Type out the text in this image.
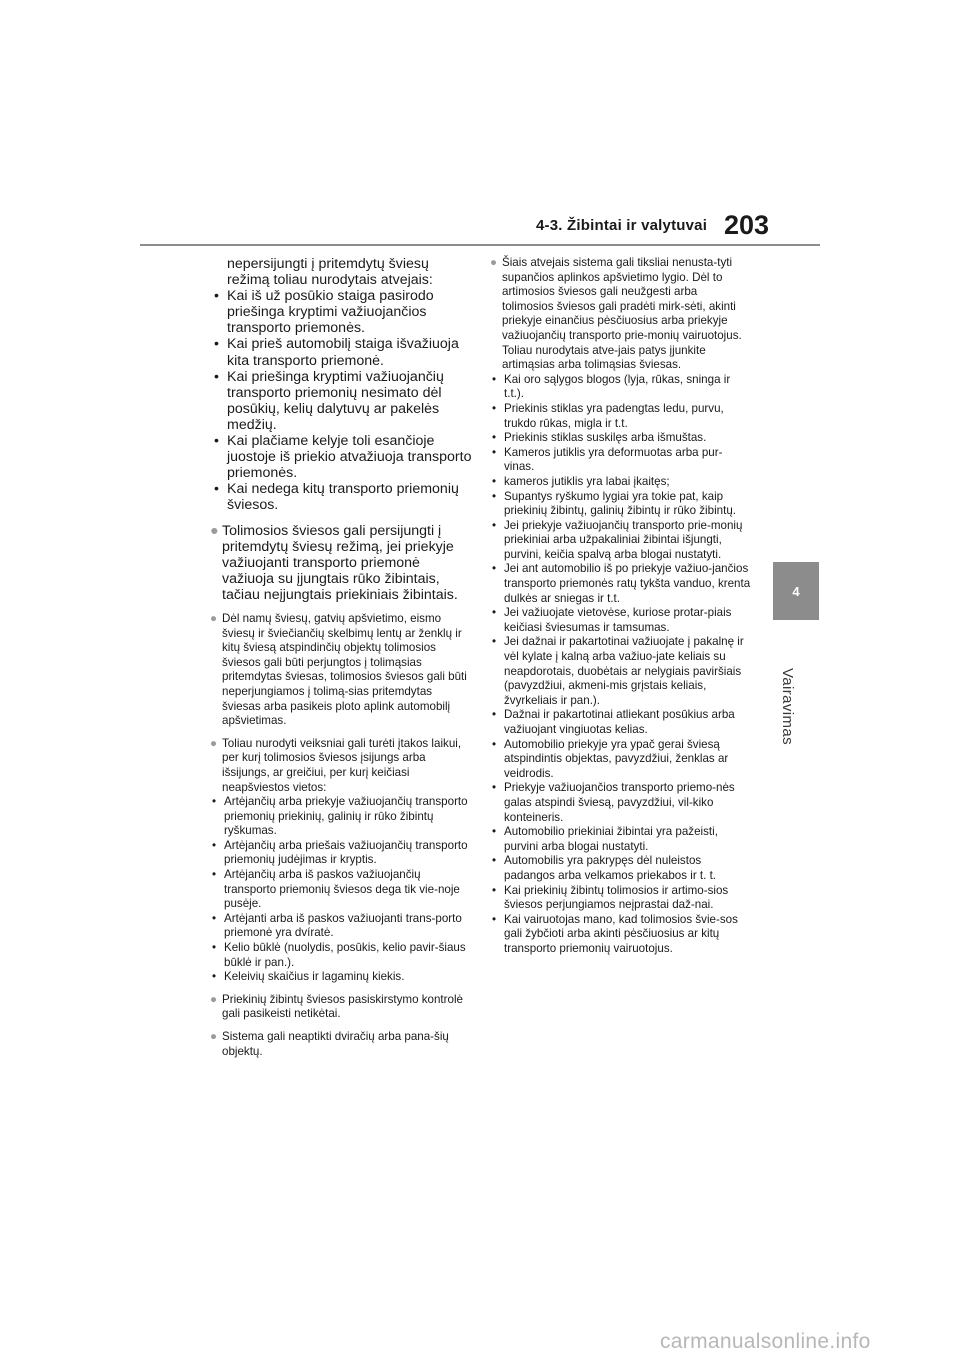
4-3. Žibintai ir valytuvai 203
4
Vairavimas
nepersijungti į pritemdytų šviesų režimą toliau nurodytais atvejais:
• Kai iš už posūkio staiga pasirodo priešinga kryptimi važiuojančios transporto priemonės.
• Kai prieš automobilį staiga išvažiuoja kita transporto priemonė.
• Kai priešinga kryptimi važiuojančių transporto priemonių nesimato dėl posūkių, kelių dalytuvų ar pakelės medžių.
• Kai plačiame kelyje toli esančioje juostoje iš priekio atvažiuoja transporto priemonės.
• Kai nedega kitų transporto priemonių šviesos.
● Tolimosios šviesos gali persijungti į pritemdytų šviesų režimą, jei priekyje važiuojanti transporto priemonė važiuoja su įjungtais rūko žibintais, tačiau neįjungtais priekiniais žibintais.
● Dėl namų šviesų, gatvių apšvietimo, eismo šviesų ir šviečiančių skelbimų lentų ar ženklų ir kitų šviesą atspindinčių objektų tolimosios šviesos gali būti perjungtos į tolimąsias pritemdytas šviesas, tolimosios šviesos gali būti neperjungiamos į tolimą-sias pritemdytas šviesas arba pasikeis ploto aplink automobilį apšvietimas.
● Toliau nurodyti veiksniai gali turėti įtakos laikui, per kurį tolimosios šviesos įsijungs arba išsijungs, ar greičiui, per kurį keičiasi neapšviestos vietos:
• Artėjančių arba priekyje važiuojančių transporto priemonių priekinių, galinių ir rūko žibintų ryškumas.
• Artėjančių arba priešais važiuojančių transporto priemonių judėjimas ir kryptis.
• Artėjančių arba iš paskos važiuojančių transporto priemonių šviesos dega tik vie-noje pusėje.
• Artėjanti arba iš paskos važiuojanti trans-porto priemonė yra dvíratė.
• Kelio būklė (nuolydis, posūkis, kelio pavir-šiaus būklė ir pan.).
• Keleivių skaičius ir lagaminų kiekis.
● Priekinių žibintų šviesos pasiskirstymo kontrolė gali pasikeisti netikėtai.
● Sistema gali neaptikti dviračių arba pana-šių objektų.
● Šiais atvejais sistema gali tiksliai nenusta-tyti supančios aplinkos apšvietimo lygio. Dėl to artimosios šviesos gali neužgesti arba tolimosios šviesos gali pradėti mirk-sėti, akinti priekyje einančius pėsčiuosius arba priekyje važiuojančių transporto prie-monių vairuotojus. Toliau nurodytais atve-jais patys įjunkite artimąsias arba tolimąsias šviesas.
• Kai oro sąlygos blogos (lyja, rūkas, sninga ir t.t.).
• Priekinis stiklas yra padengtas ledu, purvu, trukdo rūkas, migla ir t.t.
• Priekinis stiklas suskilęs arba išmuštas.
• Kameros jutiklis yra deformuotas arba pur-vinas.
• kameros jutiklis yra labai įkaitęs;
• Supantys ryškumo lygiai yra tokie pat, kaip priekinių žibintų, galinių žibintų ir rūko žibintų.
• Jei priekyje važiuojančių transporto prie-monių priekiniai arba užpakaliniai žibintai išjungti, purvini, keičia spalvą arba blogai nustatyti.
• Jei ant automobilio iš po priekyje važiuo-jančios transporto priemonės ratų tykšta vanduo, krenta dulkės ar sniegas ir t.t.
• Jei važiuojate vietovėse, kuriose protar-piais keičiasi šviesumas ir tamsumas.
• Jei dažnai ir pakartotinai važiuojate į pakalnę ir vėl kylate į kalną arba važiuo-jate keliais su neapdorotais, duobėtais ar nelygiais paviršiais (pavyzdžiui, akmeni-mis grįstais keliais, žvyrkeliais ir pan.).
• Dažnai ir pakartotinai atliekant posūkius arba važiuojant vingiuotas kelias.
• Automobilio priekyje yra ypač gerai šviesą atspindintis objektas, pavyzdžiui, ženklas ar veidrodis.
• Priekyje važiuojančios transporto priemo-nės galas atspindi šviesą, pavyzdžiui, vil-kiko konteineris.
• Automobilio priekiniai žibintai yra pažeisti, purvini arba blogai nustatyti.
• Automobilis yra pakrypęs dėl nuleistos padangos arba velkamos priekabos ir t. t.
• Kai priekinių žibintų tolimosios ir artimo-sios šviesos perjungiamos neįprastai daž-nai.
• Kai vairuotojas mano, kad tolimosios švie-sos gali žybčioti arba akinti pėsčiuosius ar kitų transporto priemonių vairuotojus.
carmanualsonline.info
